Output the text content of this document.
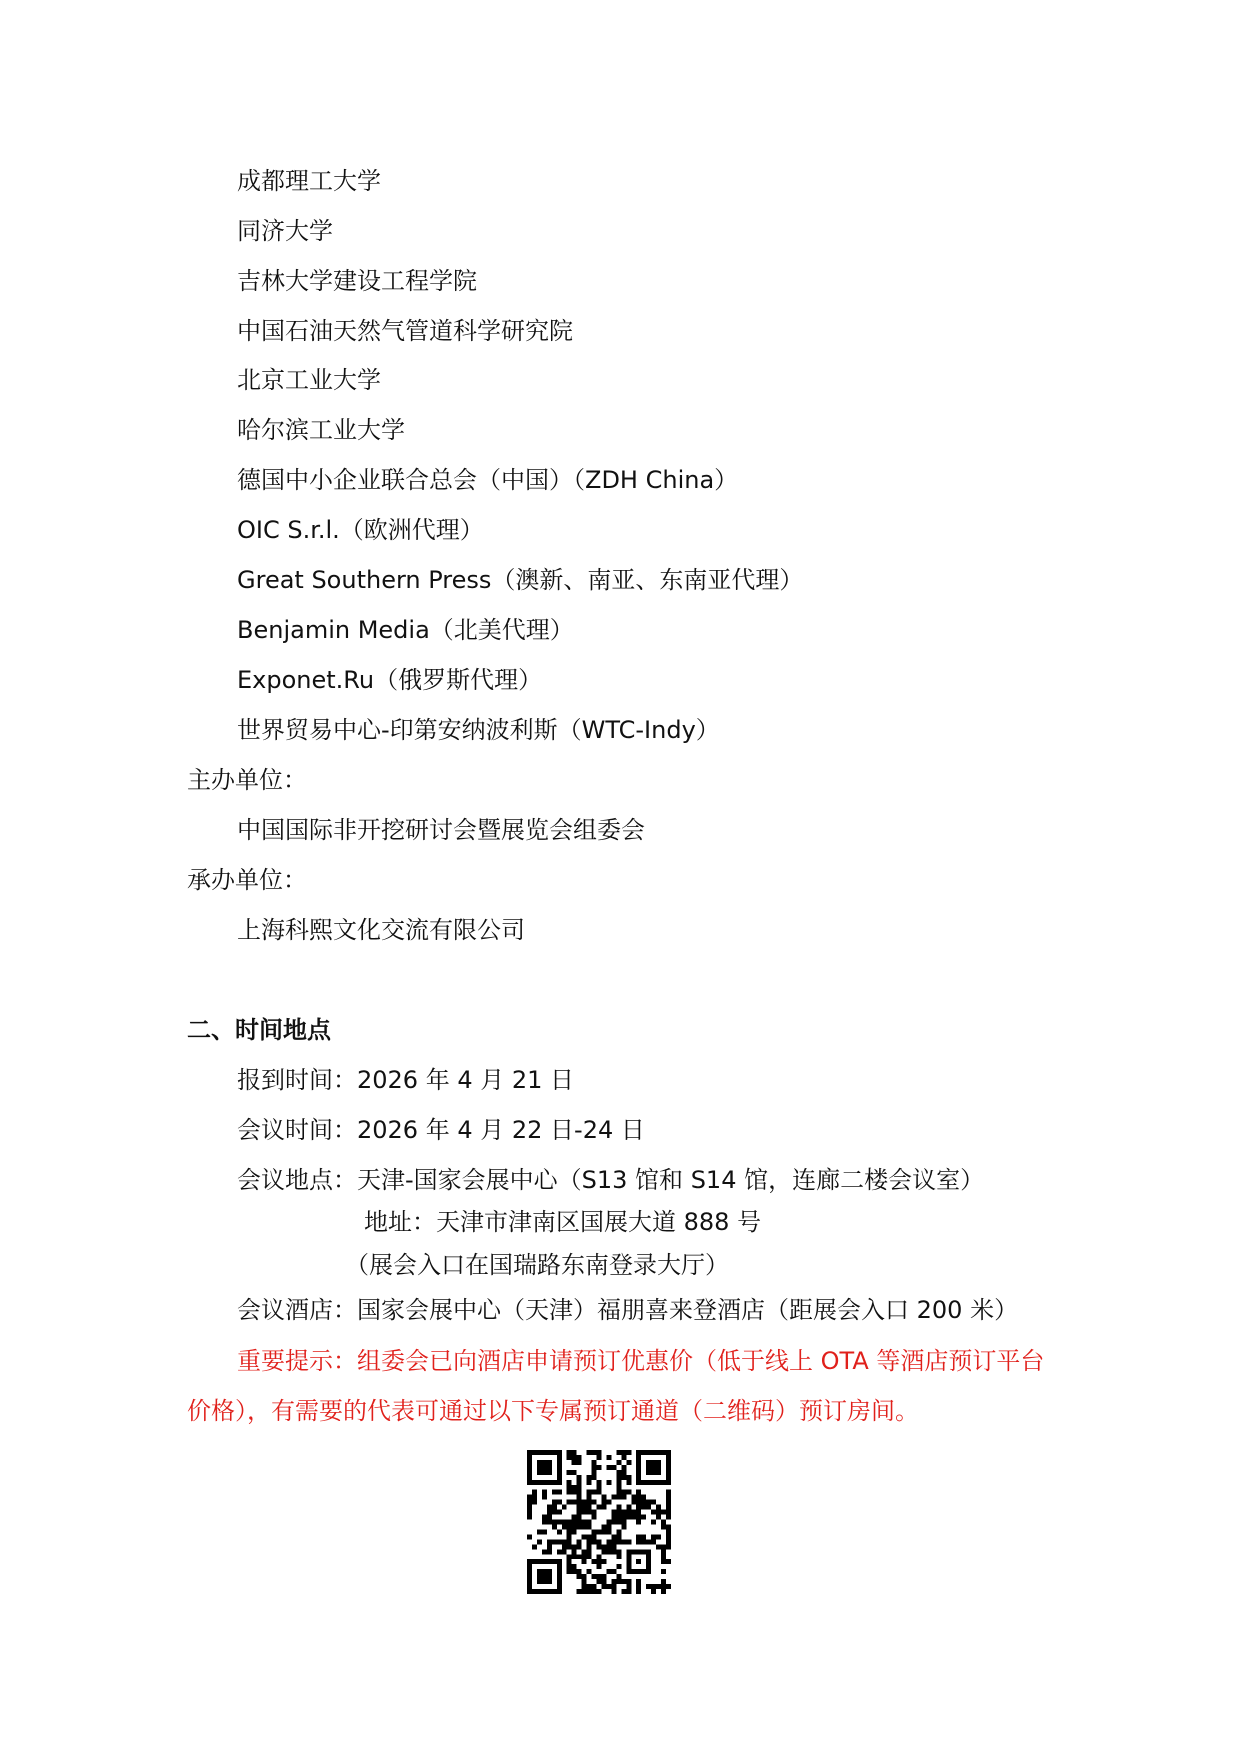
成都理工大学
同济大学
吉林大学建设工程学院
中国石油天然气管道科学研究院
北京工业大学
哈尔滨工业大学
德国中小企业联合总会（中国）（ZDH China）
OIC S.r.l.（欧洲代理）
Great Southern Press（澳新、南亚、东南亚代理）
Benjamin Media（北美代理）
Exponet.Ru（俄罗斯代理）
世界贸易中心-印第安纳波利斯（WTC-Indy）
主办单位：
中国国际非开挖研讨会暨展览会组委会
承办单位：
上海科熙文化交流有限公司
二、时间地点
报到时间：2026 年 4 月 21 日
会议时间：2026 年 4 月 22 日-24 日
会议地点：天津-国家会展中心（S13 馆和 S14 馆，连廊二楼会议室）
地址：天津市津南区国展大道 888 号
（展会入口在国瑞路东南登录大厅）
会议酒店：国家会展中心（天津）福朋喜来登酒店（距展会入口 200 米）
重要提示：组委会已向酒店申请预订优惠价（低于线上 OTA 等酒店预订平台价格），有需要的代表可通过以下专属预订通道（二维码）预订房间。
